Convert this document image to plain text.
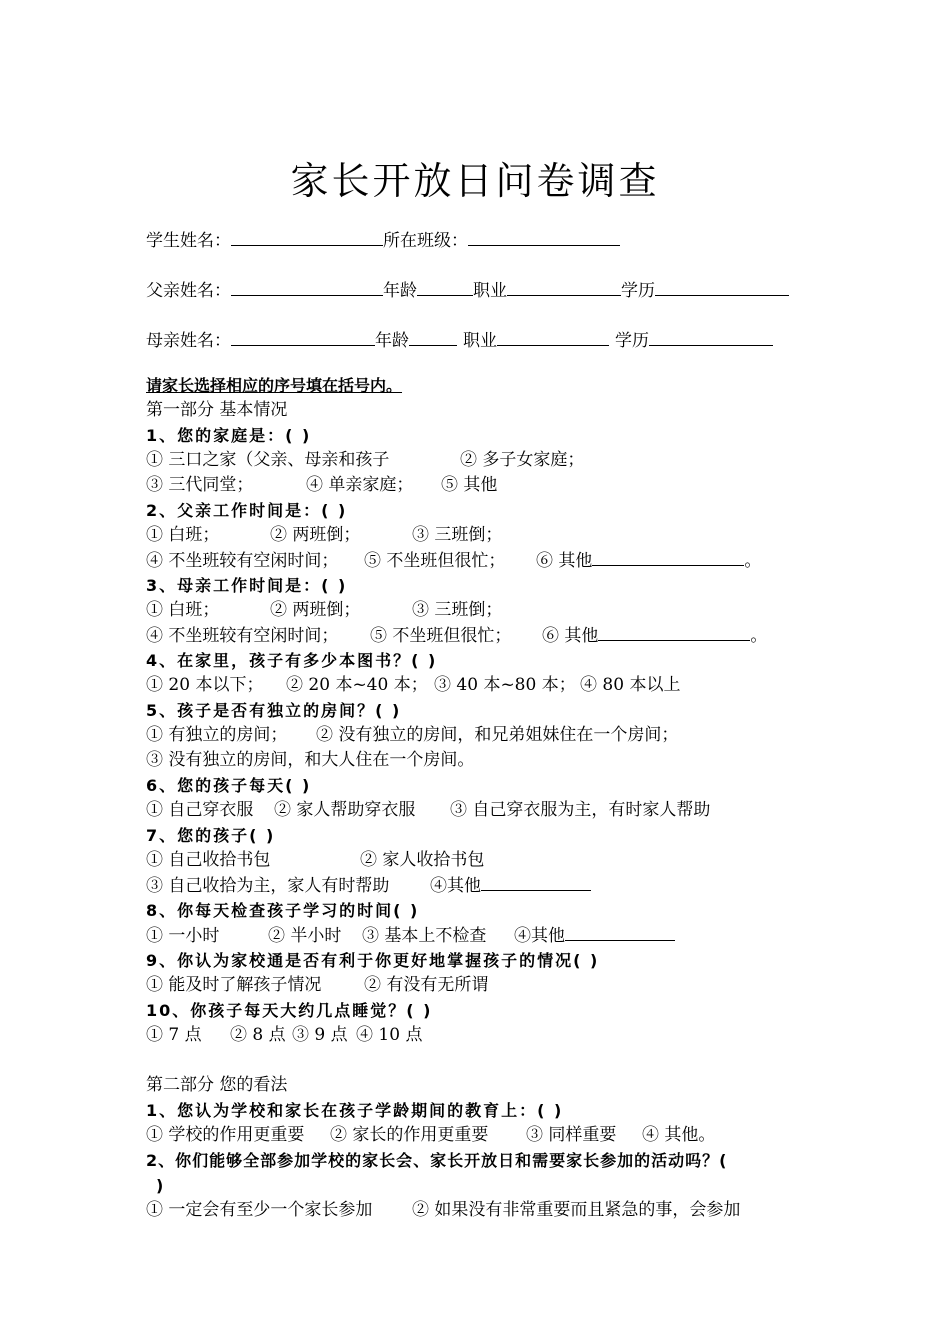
家长开放日问卷调查
学生姓名：	所在班级：
父亲姓名：	年龄	职业	学历
母亲姓名：	年龄	职业	学历
请家长选择相应的序号填在括号内。
第一部分 基本情况
1、您的家庭是：( )
① 三口之家（父亲、母亲和孩子	② 多子女家庭；
③ 三代同堂；	④ 单亲家庭； ⑤ 其他
2、父亲工作时间是：( )
① 白班；	② 两班倒；	③ 三班倒；
④ 不坐班较有空闲时间； ⑤ 不坐班但很忙； ⑥ 其他	。
3、母亲工作时间是：( )
① 白班；	② 两班倒；	③ 三班倒；
④ 不坐班较有空闲时间； ⑤ 不坐班但很忙； ⑥ 其他	。
4、在家里，孩子有多少本图书？( )
① 20 本以下； ② 20 本~40 本； ③ 40 本~80 本； ④ 80 本以上
5、孩子是否有独立的房间？( )
① 有独立的房间； ② 没有独立的房间，和兄弟姐妹住在一个房间；
③ 没有独立的房间，和大人住在一个房间。
6、您的孩子每天( )
① 自己穿衣服 ② 家人帮助穿衣服 ③ 自己穿衣服为主，有时家人帮助
7、您的孩子( )
① 自己收拾书包	② 家人收拾书包
③ 自己收拾为主，家人有时帮助 ④其他
8、你每天检查孩子学习的时间( )
① 一小时	② 半小时 ③ 基本上不检查 ④其他
9、你认为家校通是否有利于你更好地掌握孩子的情况( )
① 能及时了解孩子情况	② 有没有无所谓
10、你孩子每天大约几点睡觉？( )
① 7 点 ② 8 点 ③ 9 点 ④ 10 点
第二部分 您的看法
1、您认为学校和家长在孩子学龄期间的教育上：( )
① 学校的作用更重要 ② 家长的作用更重要 ③ 同样重要 ④ 其他。
2、你们能够全部参加学校的家长会、家长开放日和需要家长参加的活动吗？(
)
① 一定会有至少一个家长参加 ② 如果没有非常重要而且紧急的事，会参加
